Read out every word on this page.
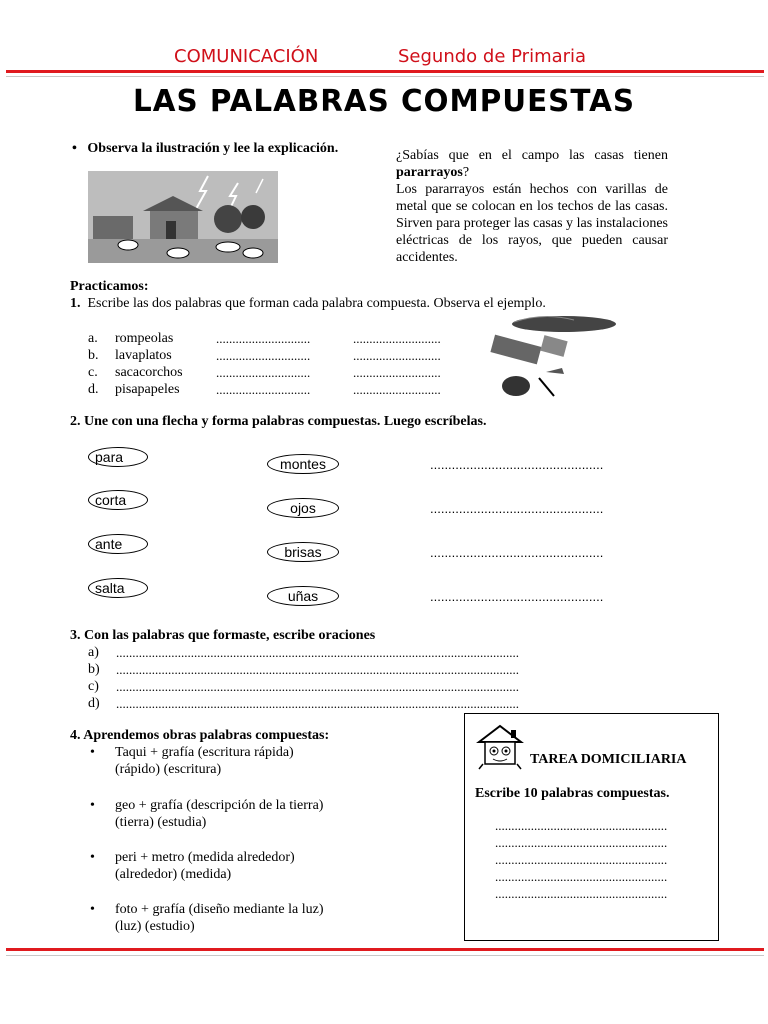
COMUNICACIÓN	Segundo de Primaria
LAS PALABRAS COMPUESTAS
• Observa la ilustración y lee la explicación.	¿Sabías que en el campo las casas tienen pararrayos?
Los pararrayos están hechos con varillas de metal que se colocan en los techos de las casas. Sirven para proteger las casas y las instalaciones eléctricas de los rayos, que pueden causar accidentes.
Practicamos:
1. Escribe las dos palabras que forman cada palabra compuesta. Observa el ejemplo.
a. rompeolas	.............................	...........................
b. lavaplatos	.............................	...........................
c. sacacorchos	.............................	...........................
d. pisapapeles	.............................	...........................
2. Une con una flecha y forma palabras compuestas. Luego escríbelas.
para
corta
ante
salta
montes
ojos
brisas
uñas
................................................
................................................
................................................
................................................
3. Con las palabras que formaste, escribe oraciones
a) ............................................................................................................................
b) ............................................................................................................................
c) ............................................................................................................................
d) ............................................................................................................................
4. Aprendemos obras palabras compuestas:
• Taqui + grafía (escritura rápida)
(rápido) (escritura)
• geo + grafía (descripción de la tierra)
(tierra) (estudia)
• peri + metro (medida alrededor)
(alrededor) (medida)
• foto + grafía (diseño mediante la luz)
(luz) (estudio)
TAREA DOMICILIARIA
Escribe 10 palabras compuestas.
.....................................................
.....................................................
.....................................................
.....................................................
.....................................................
